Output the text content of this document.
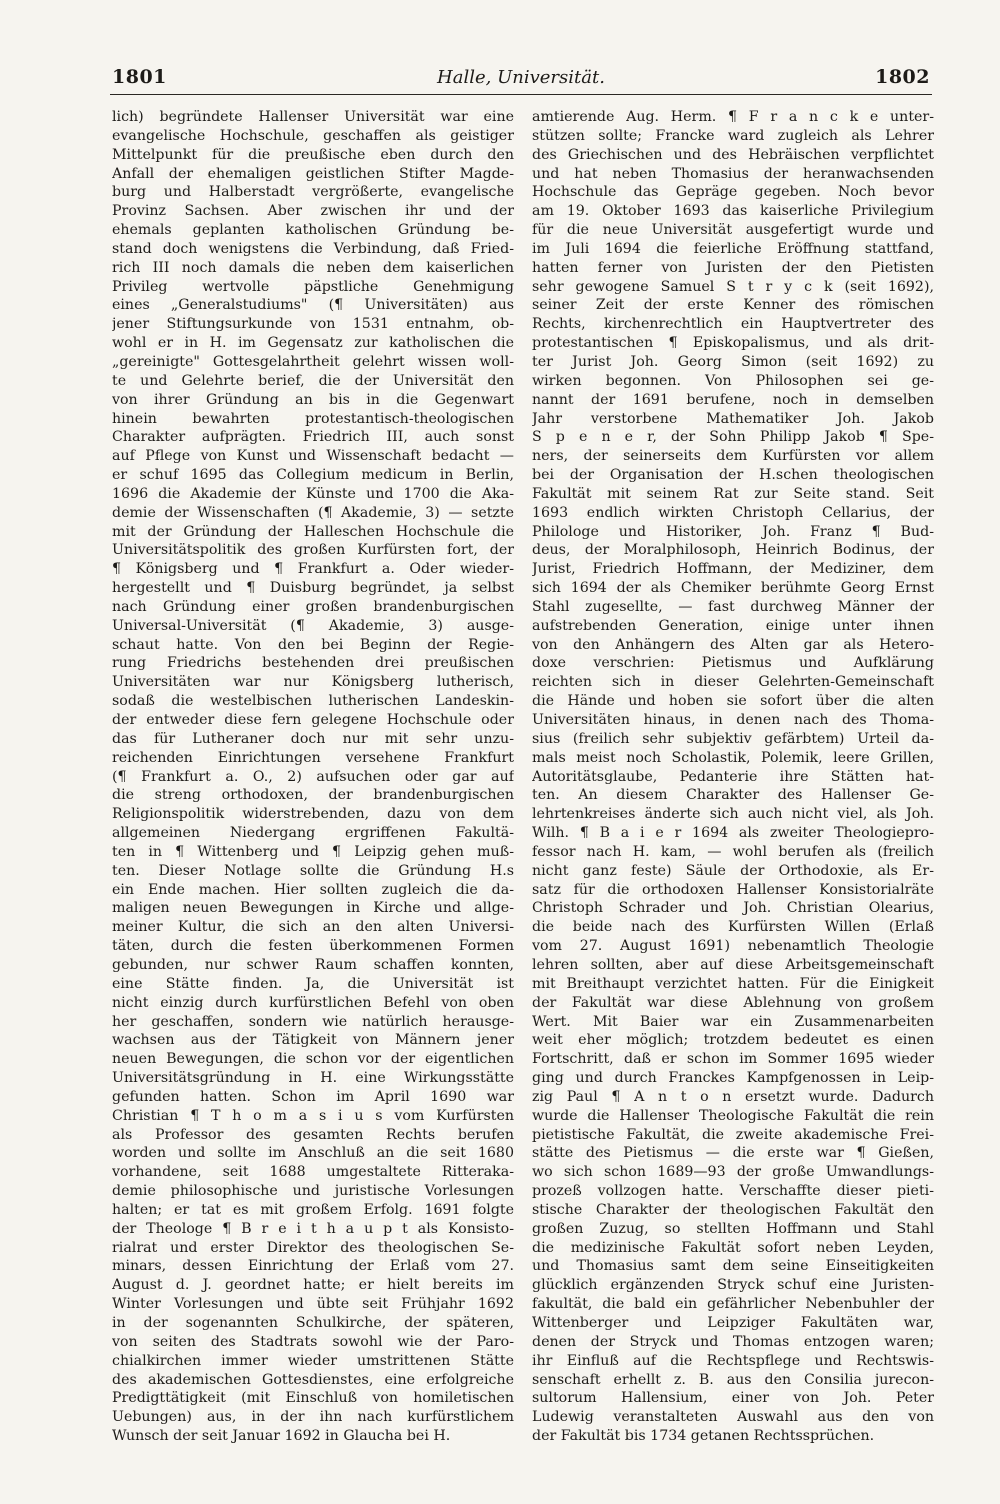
1801	Halle, Universität.	1802
lich) begründete Hallenser Universität war eine
evangelische Hochschule, geschaffen als geistiger
Mittelpunkt für die preußische eben durch den
Anfall der ehemaligen geistlichen Stifter Magde-
burg und Halberstadt vergrößerte, evangelische
Provinz Sachsen. Aber zwischen ihr und der
ehemals geplanten katholischen Gründung be-
stand doch wenigstens die Verbindung, daß Fried-
rich III noch damals die neben dem kaiserlichen
Privileg wertvolle päpstliche Genehmigung
eines „Generalstudiums" (¶ Universitäten) aus
jener Stiftungsurkunde von 1531 entnahm, ob-
wohl er in H. im Gegensatz zur katholischen die
„gereinigte" Gottesgelahrtheit gelehrt wissen woll-
te und Gelehrte berief, die der Universität den
von ihrer Gründung an bis in die Gegenwart
hinein bewahrten protestantisch-theologischen
Charakter aufprägten. Friedrich III, auch sonst
auf Pflege von Kunst und Wissenschaft bedacht —
er schuf 1695 das Collegium medicum in Berlin,
1696 die Akademie der Künste und 1700 die Aka-
demie der Wissenschaften (¶ Akademie, 3) — setzte
mit der Gründung der Halleschen Hochschule die
Universitätspolitik des großen Kurfürsten fort, der
¶ Königsberg und ¶ Frankfurt a. Oder wieder-
hergestellt und ¶ Duisburg begründet, ja selbst
nach Gründung einer großen brandenburgischen
Universal-Universität (¶ Akademie, 3) ausge-
schaut hatte. Von den bei Beginn der Regie-
rung Friedrichs bestehenden drei preußischen
Universitäten war nur Königsberg lutherisch,
sodaß die westelbischen lutherischen Landeskin-
der entweder diese fern gelegene Hochschule oder
das für Lutheraner doch nur mit sehr unzu-
reichenden Einrichtungen versehene Frankfurt
(¶ Frankfurt a. O., 2) aufsuchen oder gar auf
die streng orthodoxen, der brandenburgischen
Religionspolitik widerstrebenden, dazu von dem
allgemeinen Niedergang ergriffenen Fakultä-
ten in ¶ Wittenberg und ¶ Leipzig gehen muß-
ten. Dieser Notlage sollte die Gründung H.s
ein Ende machen. Hier sollten zugleich die da-
maligen neuen Bewegungen in Kirche und allge-
meiner Kultur, die sich an den alten Universi-
täten, durch die festen überkommenen Formen
gebunden, nur schwer Raum schaffen konnten,
eine Stätte finden. Ja, die Universität ist
nicht einzig durch kurfürstlichen Befehl von oben
her geschaffen, sondern wie natürlich herausge-
wachsen aus der Tätigkeit von Männern jener
neuen Bewegungen, die schon vor der eigentlichen
Universitätsgründung in H. eine Wirkungsstätte
gefunden hatten. Schon im April 1690 war
Christian ¶ T h o m a s i u s vom Kurfürsten
als Professor des gesamten Rechts berufen
worden und sollte im Anschluß an die seit 1680
vorhandene, seit 1688 umgestaltete Ritteraka-
demie philosophische und juristische Vorlesungen
halten; er tat es mit großem Erfolg. 1691 folgte
der Theologe ¶ B r e i t h a u p t als Konsisto-
rialrat und erster Direktor des theologischen Se-
minars, dessen Einrichtung der Erlaß vom 27.
August d. J. geordnet hatte; er hielt bereits im
Winter Vorlesungen und übte seit Frühjahr 1692
in der sogenannten Schulkirche, der späteren,
von seiten des Stadtrats sowohl wie der Paro-
chialkirchen immer wieder umstrittenen Stätte
des akademischen Gottesdienstes, eine erfolgreiche
Predigttätigkeit (mit Einschluß von homiletischen
Uebungen) aus, in der ihn nach kurfürstlichem
Wunsch der seit Januar 1692 in Glaucha bei H.
amtierende Aug. Herm. ¶ F r a n c k e unter-
stützen sollte; Francke ward zugleich als Lehrer
des Griechischen und des Hebräischen verpflichtet
und hat neben Thomasius der heranwachsenden
Hochschule das Gepräge gegeben. Noch bevor
am 19. Oktober 1693 das kaiserliche Privilegium
für die neue Universität ausgefertigt wurde und
im Juli 1694 die feierliche Eröffnung stattfand,
hatten ferner von Juristen der den Pietisten
sehr gewogene Samuel S t r y c k (seit 1692),
seiner Zeit der erste Kenner des römischen
Rechts, kirchenrechtlich ein Hauptvertreter des
protestantischen ¶ Episkopalismus, und als drit-
ter Jurist Joh. Georg Simon (seit 1692) zu
wirken begonnen. Von Philosophen sei ge-
nannt der 1691 berufene, noch in demselben
Jahr verstorbene Mathematiker Joh. Jakob
S p e n e r, der Sohn Philipp Jakob ¶ Spe-
ners, der seinerseits dem Kurfürsten vor allem
bei der Organisation der H.schen theologischen
Fakultät mit seinem Rat zur Seite stand. Seit
1693 endlich wirkten Christoph Cellarius, der
Philologe und Historiker, Joh. Franz ¶ Bud-
deus, der Moralphilosoph, Heinrich Bodinus, der
Jurist, Friedrich Hoffmann, der Mediziner, dem
sich 1694 der als Chemiker berühmte Georg Ernst
Stahl zugesellte, — fast durchweg Männer der
aufstrebenden Generation, einige unter ihnen
von den Anhängern des Alten gar als Hetero-
doxe verschrien: Pietismus und Aufklärung
reichten sich in dieser Gelehrten-Gemeinschaft
die Hände und hoben sie sofort über die alten
Universitäten hinaus, in denen nach des Thoma-
sius (freilich sehr subjektiv gefärbtem) Urteil da-
mals meist noch Scholastik, Polemik, leere Grillen,
Autoritätsglaube, Pedanterie ihre Stätten hat-
ten. An diesem Charakter des Hallenser Ge-
lehrtenkreises änderte sich auch nicht viel, als Joh.
Wilh. ¶ B a i e r 1694 als zweiter Theologiepro-
fessor nach H. kam, — wohl berufen als (freilich
nicht ganz feste) Säule der Orthodoxie, als Er-
satz für die orthodoxen Hallenser Konsistorialräte
Christoph Schrader und Joh. Christian Olearius,
die beide nach des Kurfürsten Willen (Erlaß
vom 27. August 1691) nebenamtlich Theologie
lehren sollten, aber auf diese Arbeitsgemeinschaft
mit Breithaupt verzichtet hatten. Für die Einigkeit
der Fakultät war diese Ablehnung von großem
Wert. Mit Baier war ein Zusammenarbeiten
weit eher möglich; trotzdem bedeutet es einen
Fortschritt, daß er schon im Sommer 1695 wieder
ging und durch Franckes Kampfgenossen in Leip-
zig Paul ¶ A n t o n ersetzt wurde. Dadurch
wurde die Hallenser Theologische Fakultät die rein
pietistische Fakultät, die zweite akademische Frei-
stätte des Pietismus — die erste war ¶ Gießen,
wo sich schon 1689—93 der große Umwandlungs-
prozeß vollzogen hatte. Verschaffte dieser pieti-
stische Charakter der theologischen Fakultät den
großen Zuzug, so stellten Hoffmann und Stahl
die medizinische Fakultät sofort neben Leyden,
und Thomasius samt dem seine Einseitigkeiten
glücklich ergänzenden Stryck schuf eine Juristen-
fakultät, die bald ein gefährlicher Nebenbuhler der
Wittenberger und Leipziger Fakultäten war,
denen der Stryck und Thomas entzogen waren;
ihr Einfluß auf die Rechtspflege und Rechtswis-
senschaft erhellt z. B. aus den Consilia jurecon-
sultorum Hallensium, einer von Joh. Peter
Ludewig veranstalteten Auswahl aus den von
der Fakultät bis 1734 getanen Rechtssprüchen.
